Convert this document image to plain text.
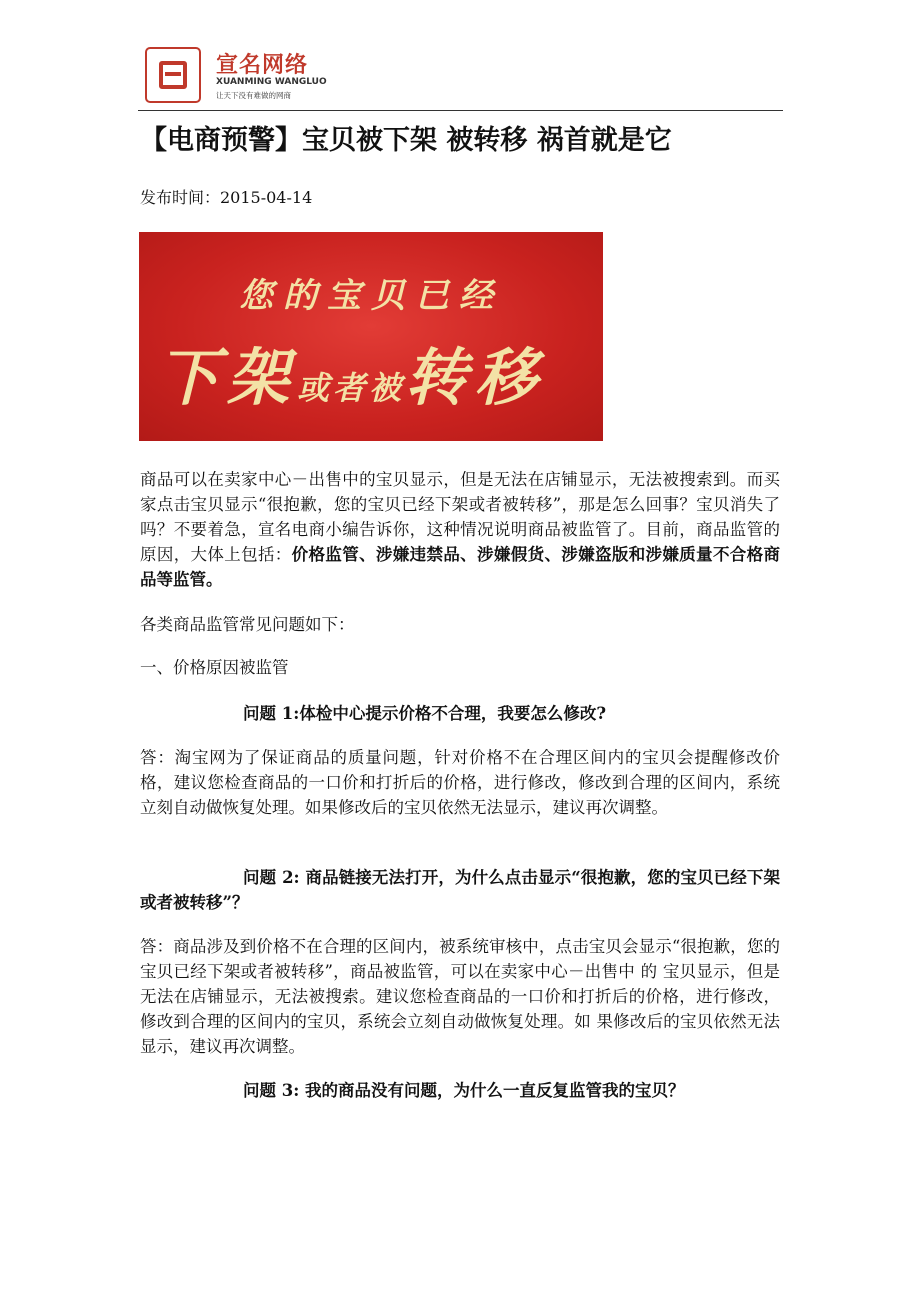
宣名网络
XUANMING WANGLUO
让天下没有难做的网商
【电商预警】宝贝被下架 被转移 祸首就是它
发布时间：2015-04-14
您的宝贝已经
下架或者被转移

商品可以在卖家中心－出售中的宝贝显示，但是无法在店铺显示，无法被搜索到。而买家点击宝贝显示“很抱歉，您的宝贝已经下架或者被转移”，那是怎么回事？宝贝消失了吗？不要着急，宣名电商小编告诉你，这种情况说明商品被监管了。目前，商品监管的原因，大体上包括：价格监管、涉嫌违禁品、涉嫌假货、涉嫌盗版和涉嫌质量不合格商品等监管。

各类商品监管常见问题如下：

一、价格原因被监管

问题 1:体检中心提示价格不合理，我要怎么修改?

答：淘宝网为了保证商品的质量问题，针对价格不在合理区间内的宝贝会提醒修改价格，建议您检查商品的一口价和打折后的价格，进行修改，修改到合理的区间内，系统立刻自动做恢复处理。如果修改后的宝贝依然无法显示，建议再次调整。

问题 2: 商品链接无法打开，为什么点击显示“很抱歉，您的宝贝已经下架或者被转移”？

答：商品涉及到价格不在合理的区间内，被系统审核中，点击宝贝会显示“很抱歉，您的宝贝已经下架或者被转移”，商品被监管，可以在卖家中心－出售中 的 宝贝显示，但是无法在店铺显示，无法被搜索。建议您检查商品的一口价和打折后的价格，进行修改，修改到合理的区间内的宝贝，系统会立刻自动做恢复处理。如 果修改后的宝贝依然无法显示，建议再次调整。

问题 3: 我的商品没有问题，为什么一直反复监管我的宝贝？
